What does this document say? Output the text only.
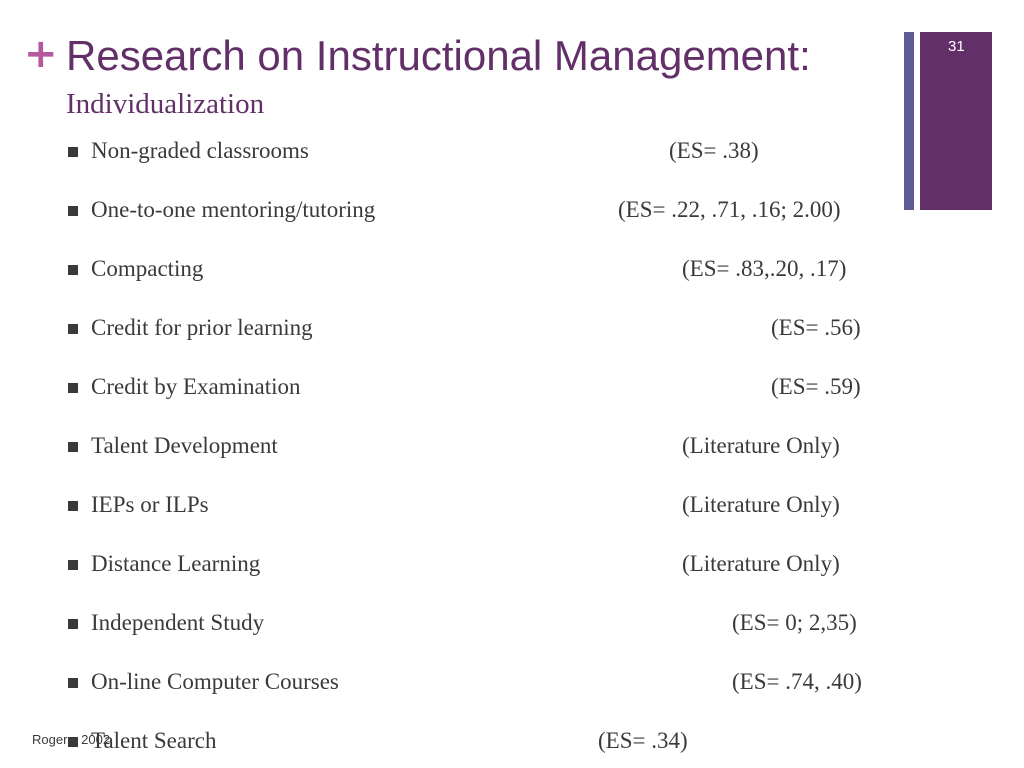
+ Research on Instructional Management:
Individualization
31
Non-graded classrooms	(ES= .38)
One-to-one mentoring/tutoring	(ES= .22, .71, .16; 2.00)
Compacting	(ES= .83,.20, .17)
Credit for prior learning	(ES= .56)
Credit by Examination	(ES= .59)
Talent Development	(Literature Only)
IEPs or ILPs	(Literature Only)
Distance Learning	(Literature Only)
Independent Study	(ES= 0; 2,35)
On-line Computer Courses	(ES= .74, .40)
Talent Search	(ES= .34)
Rogers, 2002
